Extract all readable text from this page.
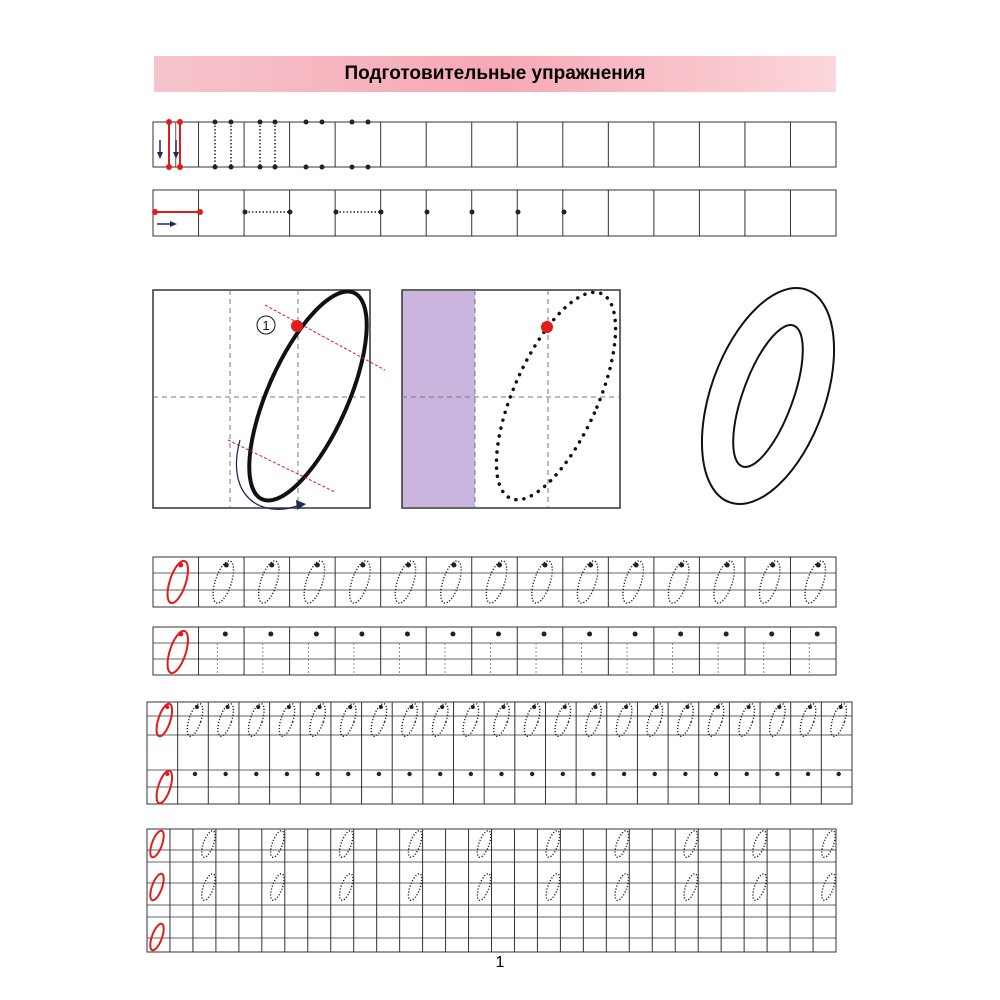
1
Подготовительные упражнения
1
